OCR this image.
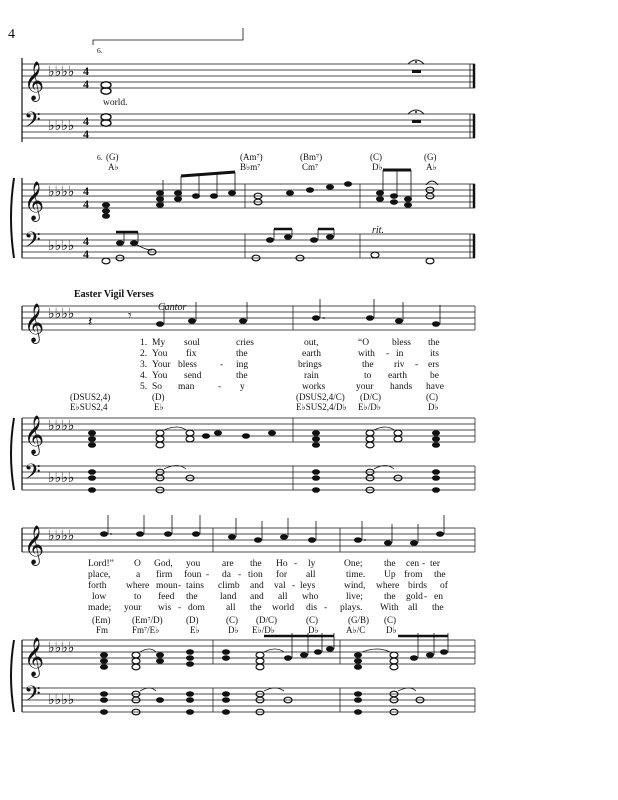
4
6.
𝄞 ♭♭♭♭ 4
4
world.
𝄢 ♭♭♭♭ 4
4
6. (G)
A♭
(Am⁷)
B♭m⁷
(Bm⁷)
Cm⁷
(C)
D♭
(G)
A♭
𝄞 ♭♭♭♭ 4
4
rit.
𝄢 ♭♭♭♭ 4
4
Easter Vigil Verses
Cantor
𝄞 ♭♭♭♭
𝄽	𝄾
1.
2.
3.
4.
5.
My soul	cries	out,	“O bless the
You fix	the	earth	with - in	its
Your bless - ing	brings	the riv - ers
You send	the	rain	to earth be
So man - y	works	your hands have
(DSUS2,4)
E♭SUS2,4
(D)
E♭
(DSUS2,4/C)
E♭SUS2,4/D♭
(D/C)
E♭/D♭
(C)
D♭
𝄞 ♭♭♭♭
𝄢 ♭♭♭♭
𝄞 ♭♭♭♭
Lord!” O God, you are the Ho - ly	One; the cen - ter
place,	a firm foun - da - tion for all	time. Up from the
forth where moun - tains climb and val - leys	wind, where birds of
low	to feed the land and all who	live; the gold - en
made; your wis - dom all the world dis - plays. With all the
(Em)
Fm
(Em⁷/D)
Fm⁷/E♭
(D)
E♭
(C)
D♭
(D/C)
E♭/D♭
(C)
D♭
(G/B)
A♭/C
(C)
D♭
𝄞 ♭♭♭♭
𝄢 ♭♭♭♭
